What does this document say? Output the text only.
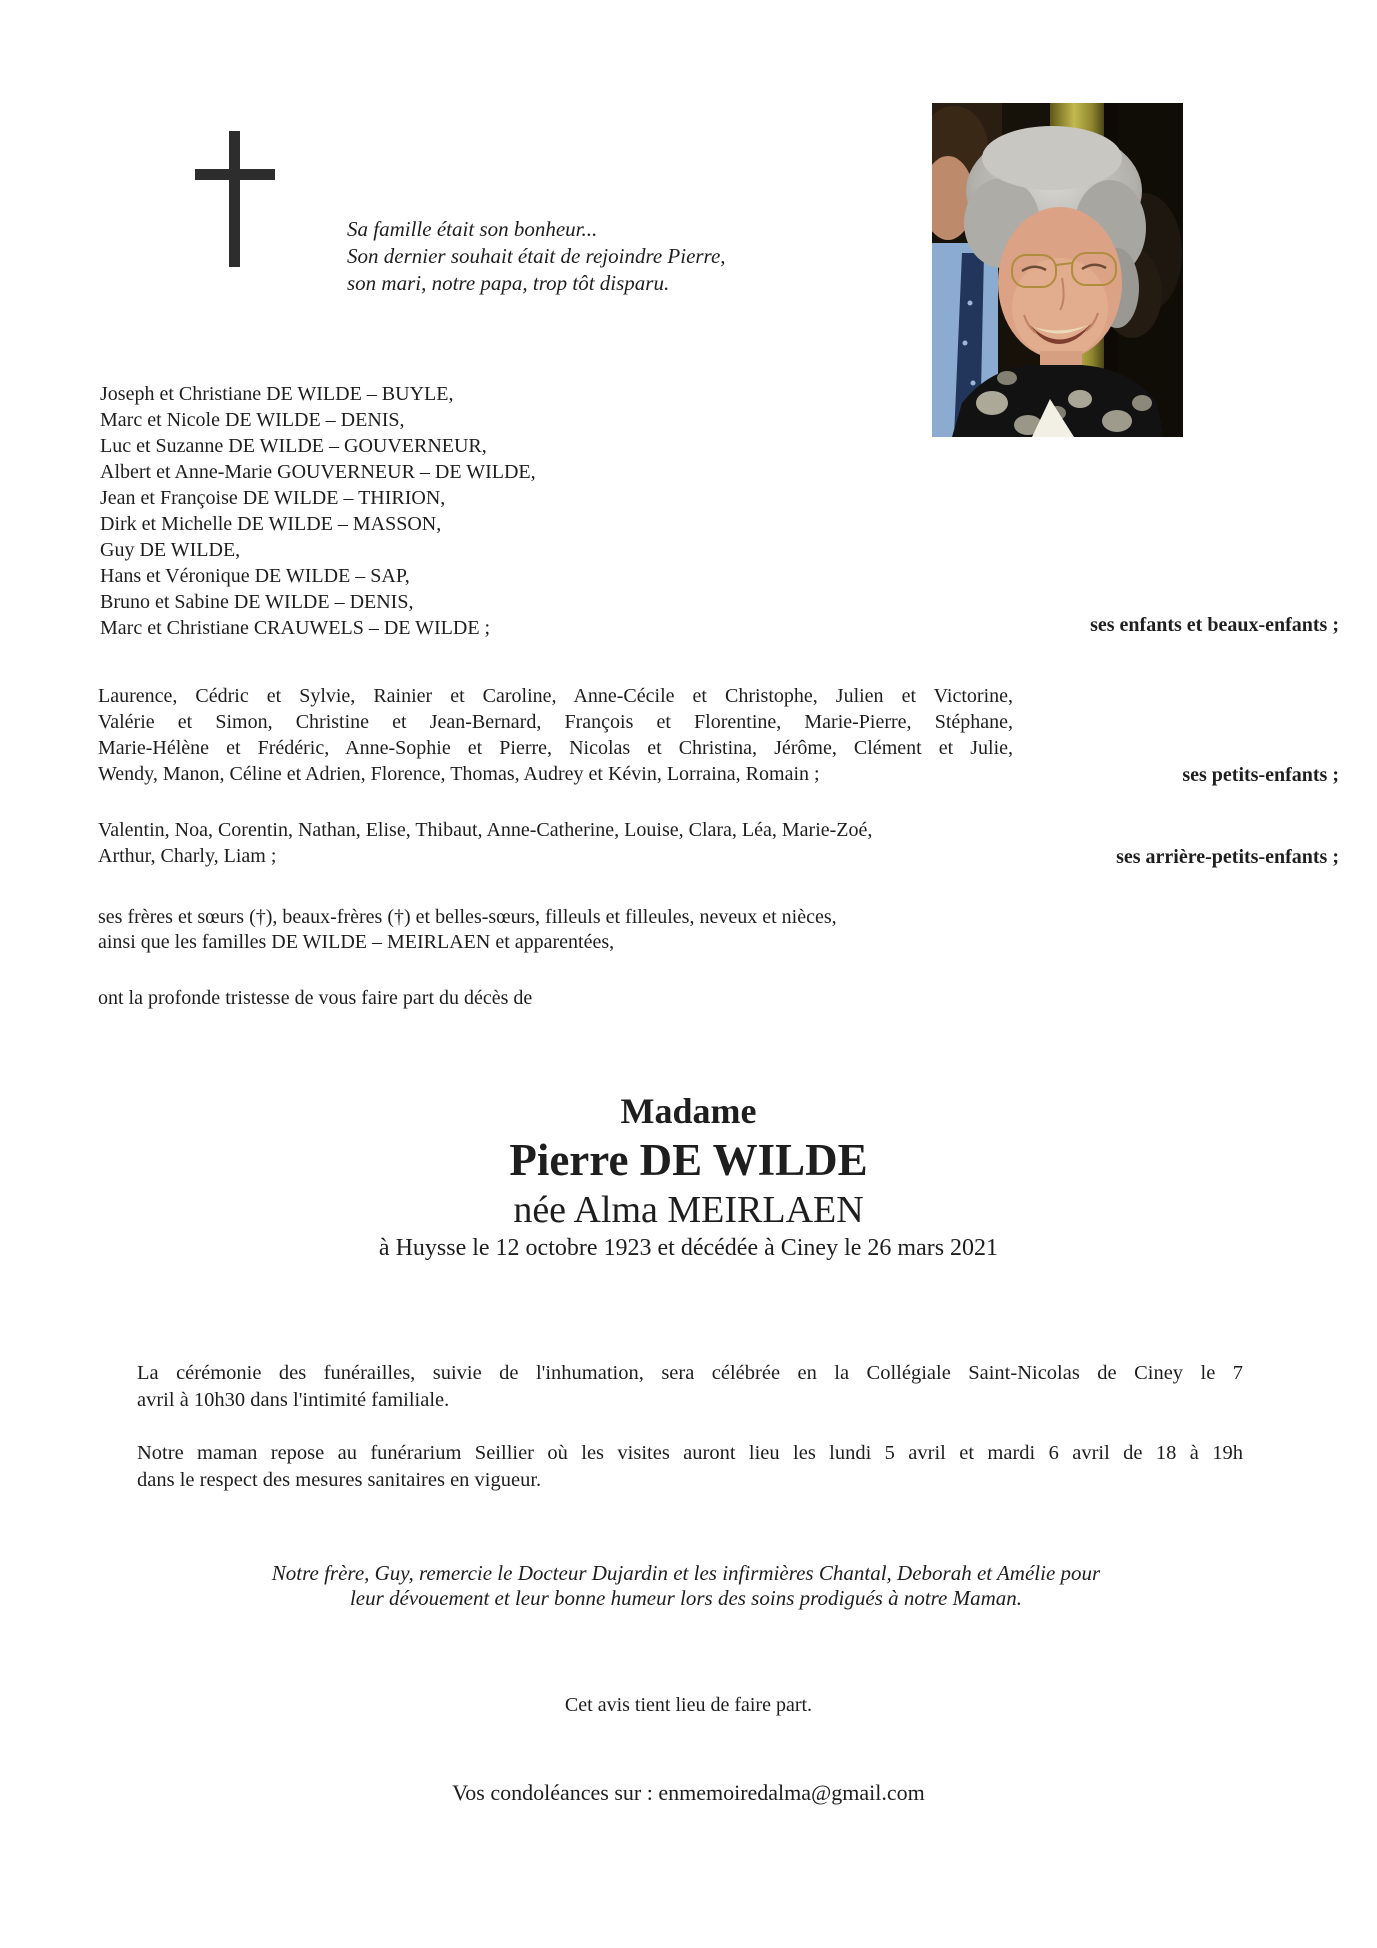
Sa famille était son bonheur...
Son dernier souhait était de rejoindre Pierre,
son mari, notre papa, trop tôt disparu.
Joseph et Christiane DE WILDE – BUYLE,
Marc et Nicole DE WILDE – DENIS,
Luc et Suzanne DE WILDE – GOUVERNEUR,
Albert et Anne-Marie GOUVERNEUR – DE WILDE,
Jean et Françoise DE WILDE – THIRION,
Dirk et Michelle DE WILDE – MASSON,
Guy DE WILDE,
Hans et Véronique DE WILDE – SAP,
Bruno et Sabine DE WILDE – DENIS,
Marc et Christiane CRAUWELS – DE WILDE ;	ses enfants et beaux-enfants ;
Laurence, Cédric et Sylvie, Rainier et Caroline, Anne-Cécile et Christophe, Julien et Victorine,
Valérie et Simon, Christine et Jean-Bernard, François et Florentine, Marie-Pierre, Stéphane,
Marie-Hélène et Frédéric, Anne-Sophie et Pierre, Nicolas et Christina, Jérôme, Clément et Julie,
Wendy, Manon, Céline et Adrien, Florence, Thomas, Audrey et Kévin, Lorraina, Romain ;	ses petits-enfants ;
Valentin, Noa, Corentin, Nathan, Elise, Thibaut, Anne-Catherine, Louise, Clara, Léa, Marie-Zoé,
Arthur, Charly, Liam ;	ses arrière-petits-enfants ;
ses frères et sœurs (†), beaux-frères (†) et belles-sœurs, filleuls et filleules, neveux et nièces,
ainsi que les familles DE WILDE – MEIRLAEN et apparentées,
ont la profonde tristesse de vous faire part du décès de
Madame
Pierre DE WILDE
née Alma MEIRLAEN
à Huysse le 12 octobre 1923 et décédée à Ciney le 26 mars 2021
La cérémonie des funérailles, suivie de l'inhumation, sera célébrée en la Collégiale Saint-Nicolas de Ciney le 7
avril à 10h30 dans l'intimité familiale.
Notre maman repose au funérarium Seillier où les visites auront lieu les lundi 5 avril et mardi 6 avril de 18 à 19h
dans le respect des mesures sanitaires en vigueur.
Notre frère, Guy, remercie le Docteur Dujardin et les infirmières Chantal, Deborah et Amélie pour
leur dévouement et leur bonne humeur lors des soins prodigués à notre Maman.
Cet avis tient lieu de faire part.
Vos condoléances sur : enmemoiredalma@gmail.com
